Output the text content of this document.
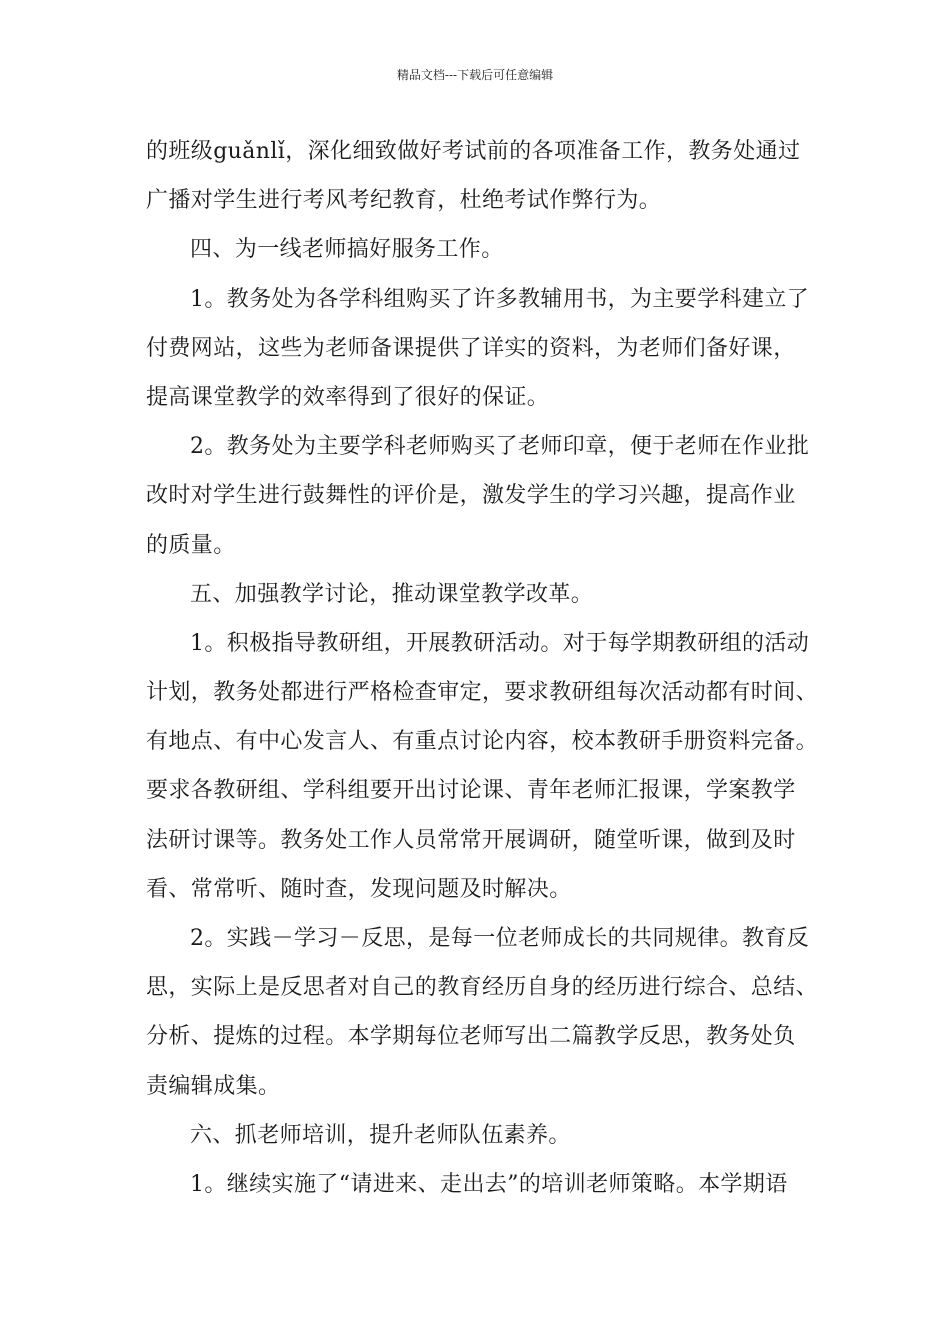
精品文档---下载后可任意编辑
的班级guǎnlǐ，深化细致做好考试前的各项准备工作，教务处通过
广播对学生进行考风考纪教育，杜绝考试作弊行为。
四、为一线老师搞好服务工作。
1。教务处为各学科组购买了许多教辅用书，为主要学科建立了
付费网站，这些为老师备课提供了详实的资料，为老师们备好课，
提高课堂教学的效率得到了很好的保证。
2。教务处为主要学科老师购买了老师印章，便于老师在作业批
改时对学生进行鼓舞性的评价是，激发学生的学习兴趣，提高作业
的质量。
五、加强教学讨论，推动课堂教学改革。
1。积极指导教研组，开展教研活动。对于每学期教研组的活动
计划，教务处都进行严格检查审定，要求教研组每次活动都有时间、
有地点、有中心发言人、有重点讨论内容，校本教研手册资料完备。
要求各教研组、学科组要开出讨论课、青年老师汇报课，学案教学
法研讨课等。教务处工作人员常常开展调研，随堂听课，做到及时
看、常常听、随时查，发现问题及时解决。
2。实践－学习－反思，是每一位老师成长的共同规律。教育反
思，实际上是反思者对自己的教育经历自身的经历进行综合、总结、
分析、提炼的过程。本学期每位老师写出二篇教学反思，教务处负
责编辑成集。
六、抓老师培训，提升老师队伍素养。
1。继续实施了“请进来、走出去”的培训老师策略。本学期语
